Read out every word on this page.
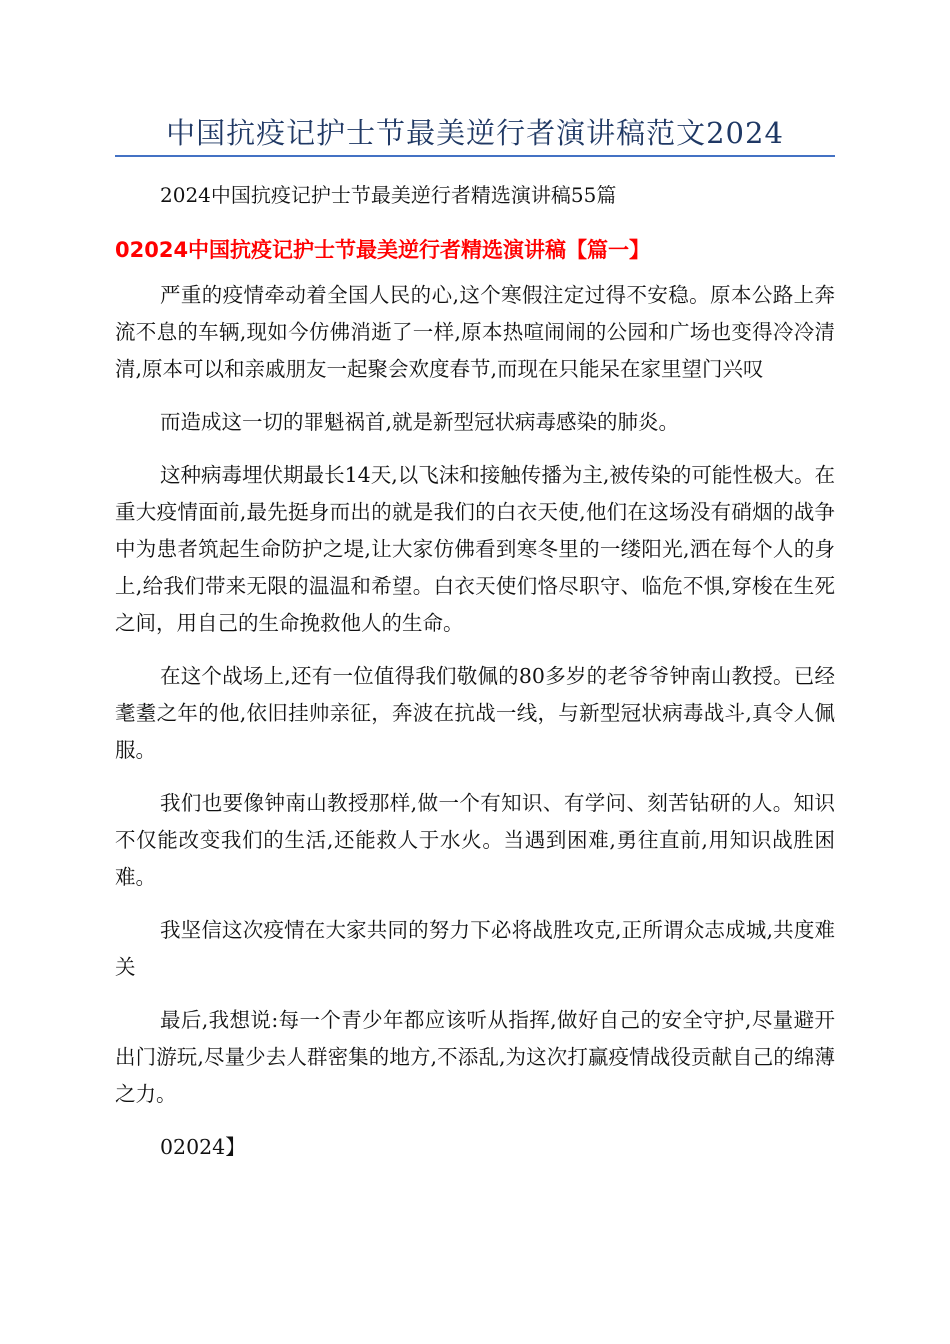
中国抗疫记护士节最美逆行者演讲稿范文2024
2024中国抗疫记护士节最美逆行者精选演讲稿55篇
02024中国抗疫记护士节最美逆行者精选演讲稿【篇一】

严重的疫情牵动着全国人民的心,这个寒假注定过得不安稳。原本公路上奔流不息的车辆,现如今仿佛消逝了一样,原本热喧闹闹的公园和广场也变得冷冷清清,原本可以和亲戚朋友一起聚会欢度春节,而现在只能呆在家里望门兴叹

而造成这一切的罪魁祸首,就是新型冠状病毒感染的肺炎。

这种病毒埋伏期最长14天,以飞沫和接触传播为主,被传染的可能性极大。在重大疫情面前,最先挺身而出的就是我们的白衣天使,他们在这场没有硝烟的战争中为患者筑起生命防护之堤,让大家仿佛看到寒冬里的一缕阳光,洒在每个人的身上,给我们带来无限的温温和希望。白衣天使们恪尽职守、临危不惧,穿梭在生死之间，用自己的生命挽救他人的生命。

在这个战场上,还有一位值得我们敬佩的80多岁的老爷爷钟南山教授。已经耄耋之年的他,依旧挂帅亲征，奔波在抗战一线，与新型冠状病毒战斗,真令人佩服。

我们也要像钟南山教授那样,做一个有知识、有学问、刻苦钻研的人。知识不仅能改变我们的生活,还能救人于水火。当遇到困难,勇往直前,用知识战胜困难。

我坚信这次疫情在大家共同的努力下必将战胜攻克,正所谓众志成城,共度难关

最后,我想说:每一个青少年都应该听从指挥,做好自己的安全守护,尽量避开出门游玩,尽量少去人群密集的地方,不添乱,为这次打赢疫情战役贡献自己的绵薄之力。

02024】
